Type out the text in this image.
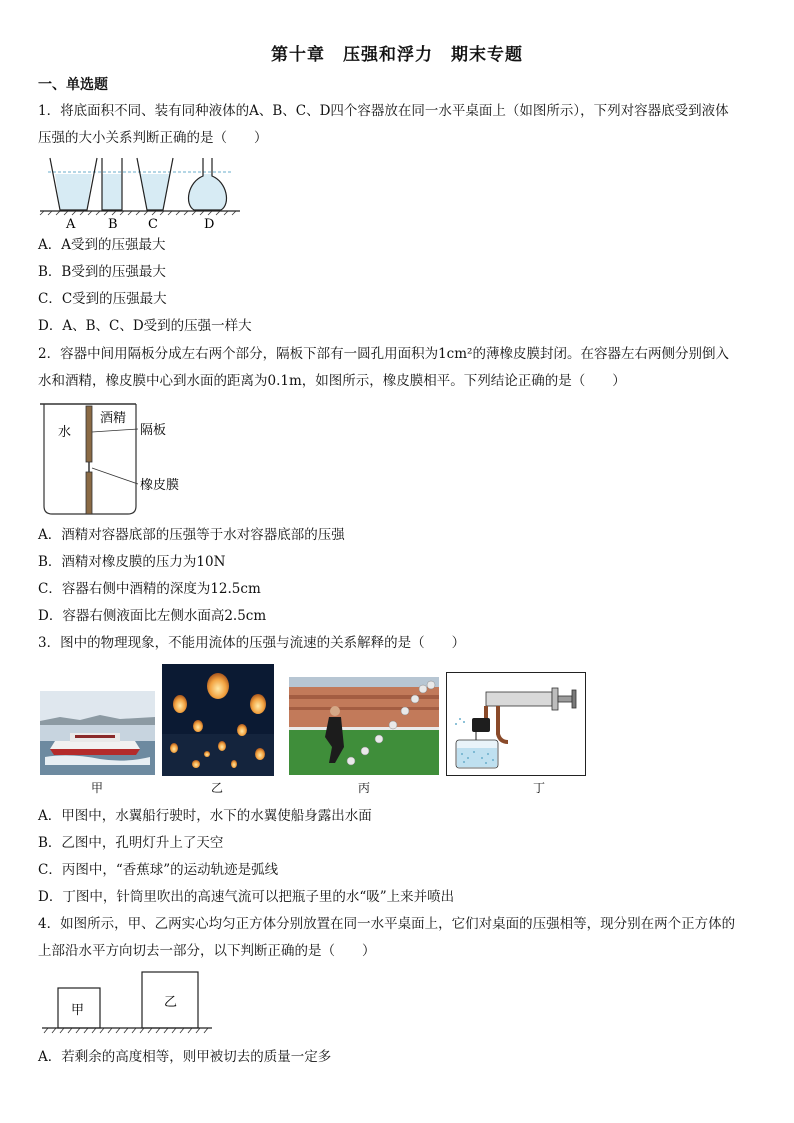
第十章　压强和浮力　期末专题
一、单选题
1．将底面积不同、装有同种液体的A、B、C、D四个容器放在同一水平桌面上（如图所示），下列对容器底受到液体
压强的大小关系判断正确的是（　　）
A	B C	D
A．A受到的压强最大
B．B受到的压强最大
C．C受到的压强最大
D．A、B、C、D受到的压强一样大
2．容器中间用隔板分成左右两个部分，隔板下部有一圆孔用面积为1cm²的薄橡皮膜封闭。在容器左右两侧分别倒入
水和酒精，橡皮膜中心到水面的距离为0.1m，如图所示，橡皮膜相平。下列结论正确的是（　　）
水
酒精
隔板
橡皮膜
A．酒精对容器底部的压强等于水对容器底部的压强
B．酒精对橡皮膜的压力为10N
C．容器右侧中酒精的深度为12.5cm
D．容器右侧液面比左侧水面高2.5cm
3．图中的物理现象，不能用流体的压强与流速的关系解释的是（　　）
甲	乙	丙	丁
A．甲图中，水翼船行驶时，水下的水翼使船身露出水面
B．乙图中，孔明灯升上了天空
C．丙图中，“香蕉球”的运动轨迹是弧线
D．丁图中，针筒里吹出的高速气流可以把瓶子里的水“吸”上来并喷出
4．如图所示，甲、乙两实心均匀正方体分别放置在同一水平桌面上，它们对桌面的压强相等，现分别在两个正方体的
上部沿水平方向切去一部分，以下判断正确的是（　　）
甲
乙
A．若剩余的高度相等，则甲被切去的质量一定多
